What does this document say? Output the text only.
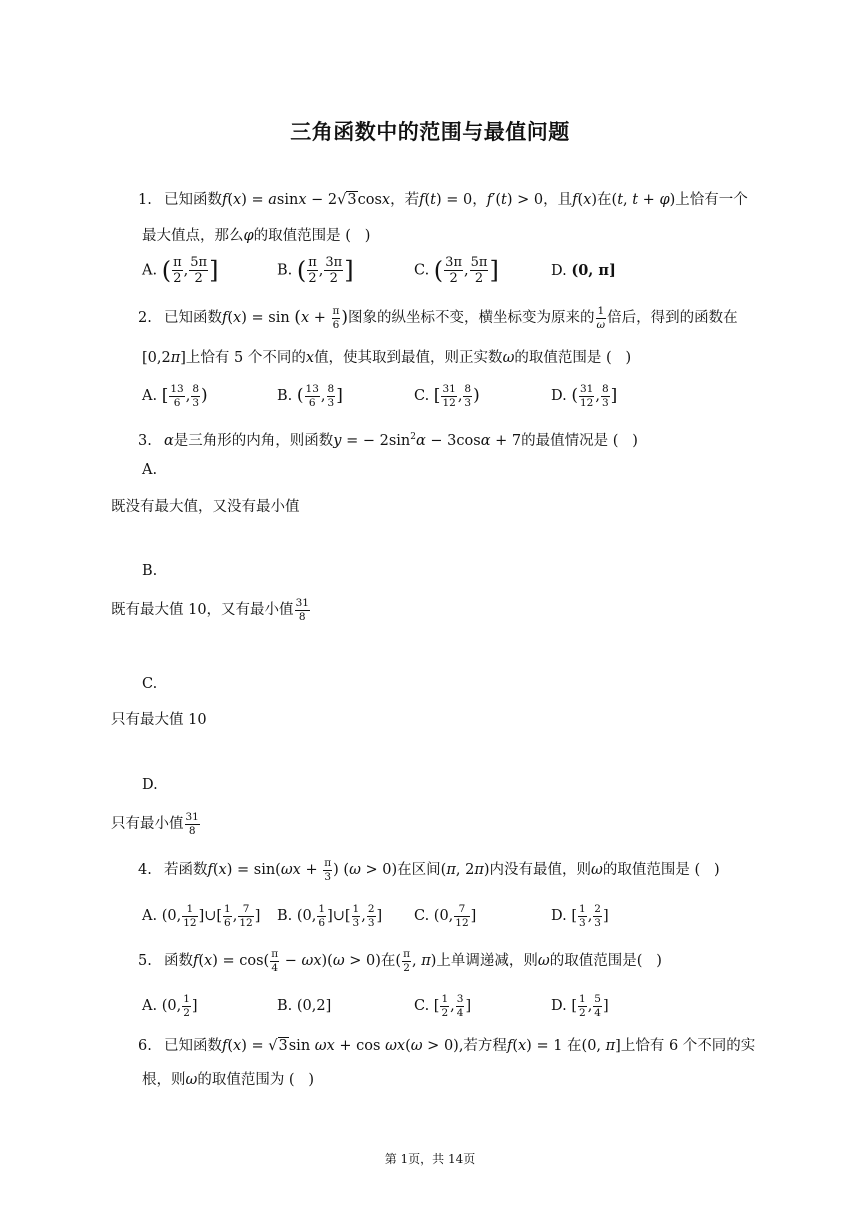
三角函数中的范围与最值问题
1. 已知函数f(x) = asinx − 2√3cosx，若f(t) = 0，f′(t) > 0，且f(x)在(t, t + φ)上恰有一个
最大值点，那么φ的取值范围是 ( )
A. ( $\frac{\pi}{2}$ , $\frac{5\pi}{2}$ ]	B. ( $\frac{\pi}{2}$ , $\frac{3\pi}{2}$ ]	C. ( $\frac{3\pi}{2}$ , $\frac{5\pi}{2}$ ]	D. (0, π]
2. 已知函数$f(x) = \sin (x + \frac{\pi}{6}$ )图象的纵坐标不变，横坐标变为原来的 $\frac{1}{\omega}$ 倍后，得到的函数在
[0,2π]上恰有 5 个不同的x值，使其取到最值，则正实数ω的取值范围是 ( )
A. [ $\frac{13}{6}$ , $\frac{8}{3}$ )	B. ( $\frac{13}{6}$ , $\frac{8}{3}$ ]	C. [ $\frac{31}{12}$ , $\frac{8}{3}$ )	D. ( $\frac{31}{12}$ , $\frac{8}{3}$ ]
3. α是三角形的内角，则函数y = − $2\sin^2\alpha - 3\cos\alpha + 7$的最值情况是 ( )
A.
既没有最大值，又没有最小值
B.
既有最大值 10，又有最小值 $\frac{31}{8}$
C.
只有最大值 10
D.
只有最小值 $\frac{31}{8}$
4. 若函数$f(x) = \sin(\omega x + \frac{\pi}{3}$ ) (ω > 0)在区间(π, 2π)内没有最值，则ω的取值范围是 ( )
A. (0, $\frac{1}{12}$ ]∪[ $\frac{1}{6}$ , $\frac{7}{12}$ ] B. (0, $\frac{1}{6}$ ]∪[ $\frac{1}{3}$ , $\frac{2}{3}$ ] C. (0, $\frac{7}{12}$ ]	D. [ $\frac{1}{3}$ , $\frac{2}{3}$ ]
5. 函数$f(x) = \cos( \frac{\pi}{4} - \omega x)(\omega > 0)$在( $\frac{\pi}{2}$ , π)上单调递减，则ω的取值范围是( )
A. (0, $\frac{1}{2}$ ]	B. (0,2]	C. [ $\frac{1}{2}$ , $\frac{3}{4}$ ]	D. [ $\frac{1}{2}$ , $\frac{5}{4}$ ]
6. 已知函数f(x) = √3sin ωx + cos ωx(ω > 0),若方程f(x) = 1 在(0, π]上恰有 6 个不同的实
根，则ω的取值范围为 ( )
第 1页，共 14页
